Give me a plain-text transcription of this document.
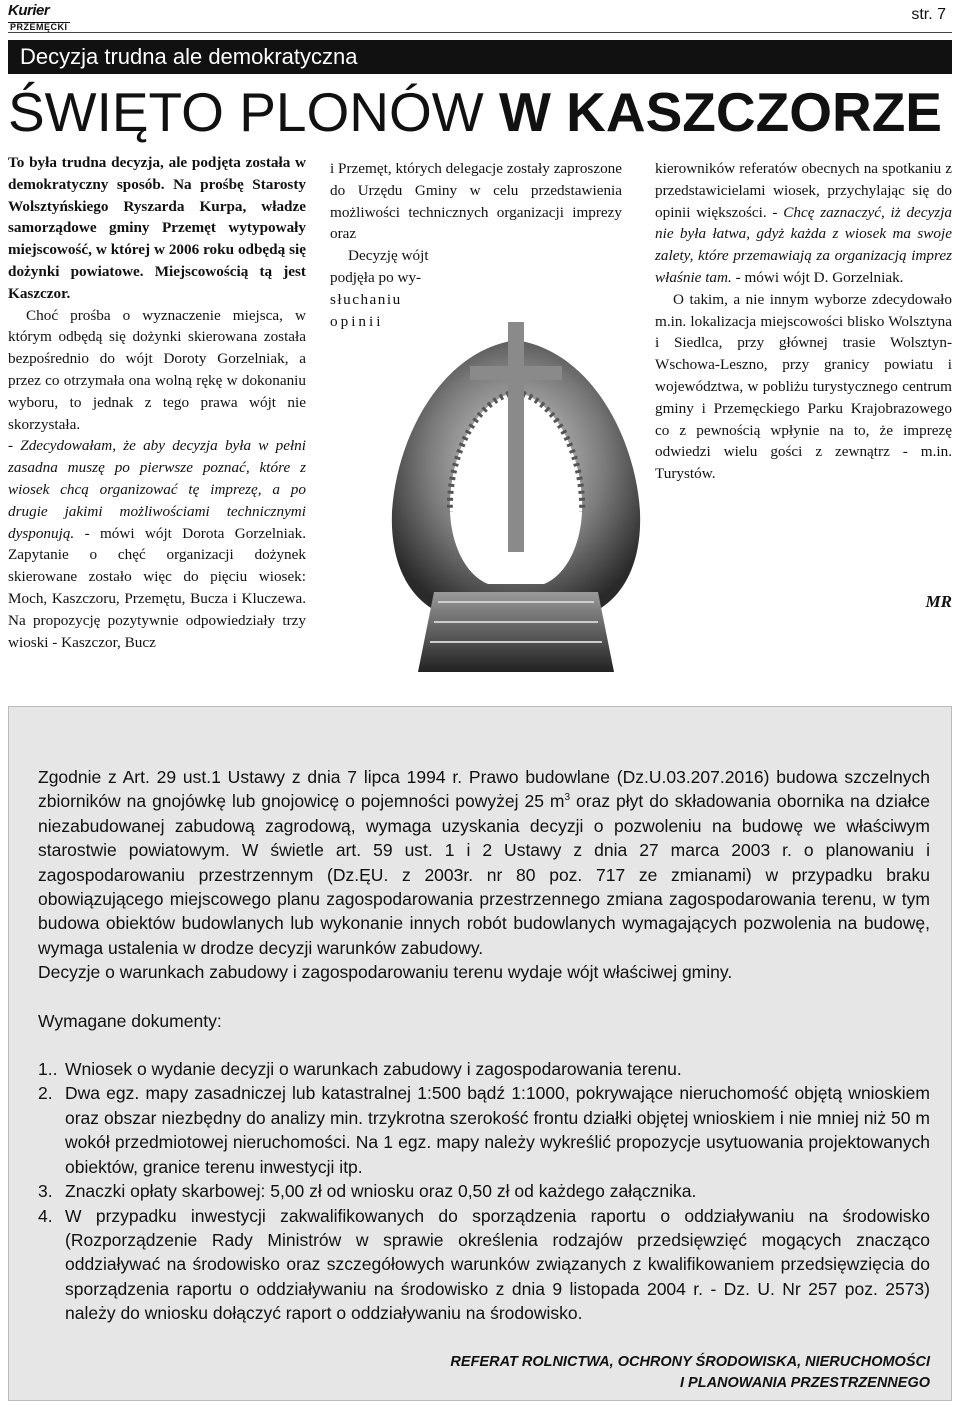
Kurier
PRZEMĘCKI
str. 7
Decyzja trudna ale demokratyczna
ŚWIĘTO PLONÓW W KASZCZORZE

To była trudna decyzja, ale podjęta została w demokratyczny sposób. Na prośbę Starosty Wolsztyńskiego Ryszarda Kurpa, władze samorządowe gminy Przemęt wytypowały miejscowość, w której w 2006 roku odbędą się dożynki powiatowe. Miejscowością tą jest Kaszczor.

Choć prośba o wyznaczenie miejsca, w którym odbędą się dożynki skierowana została bezpośrednio do wójt Doroty Gorzelniak, a przez co otrzymała ona wolną rękę w dokonaniu wyboru, to jednak z tego prawa wójt nie skorzystała.

- Zdecydowałam, że aby decyzja była w pełni zasadna muszę po pierwsze poznać, które z wiosek chcą organizować tę imprezę, a po drugie jakimi możliwościami technicznymi dysponują. - mówi wójt Dorota Gorzelniak. Zapytanie o chęć organizacji dożynek skierowane zostało więc do pięciu wiosek: Moch, Kaszczoru, Przemętu, Bucza i Kluczewa. Na propozycję pozytywnie odpowiedziały trzy wioski - Kaszczor, Bucz

i Przemęt, których delegacje zostały zaproszone do Urzędu Gminy w celu przedstawienia możliwości technicznych organizacji imprezy oraz

Decyzję wójt

podjęła po wy-

słuchaniu

opinii

kierowników referatów obecnych na spotkaniu z przedstawicielami wiosek, przychylając się do opinii większości. - Chcę zaznaczyć, iż decyzja nie była łatwa, gdyż każda z wiosek ma swoje zalety, które przemawiają za organizacją imprez właśnie tam. - mówi wójt D. Gorzelniak.

O takim, a nie innym wyborze zdecydowało m.in. lokalizacja miejscowości blisko Wolsztyna i Siedlca, przy głównej trasie Wolsztyn-Wschowa-Leszno, przy granicy powiatu i województwa, w pobliżu turystycznego centrum gminy i Przemęckiego Parku Krajobrazowego co z pewnością wpłynie na to, że imprezę odwiedzi wielu gości z zewnątrz - m.in. Turystów.

MR

Zgodnie z Art. 29 ust.1 Ustawy z dnia 7 lipca 1994 r. Prawo budowlane (Dz.U.03.207.2016) budowa szczelnych zbiorników na gnojówkę lub gnojowicę o pojemności powyżej 25 $m^3$ oraz płyt do składowania obornika na działce niezabudowanej zabudową zagrodową, wymaga uzyskania decyzji o pozwoleniu na budowę we właściwym starostwie powiatowym. W świetle art. 59 ust. 1 i 2 Ustawy z dnia 27 marca 2003 r. o planowaniu i zagospodarowaniu przestrzennym (Dz.ĘU. z 2003r. nr 80 poz. 717 ze zmianami) w przypadku braku obowiązującego miejscowego planu zagospodarowania przestrzennego zmiana zagospodarowania terenu, w tym budowa obiektów budowlanych lub wykonanie innych robót budowlanych wymagających pozwolenia na budowę, wymaga ustalenia w drodze decyzji warunków zabudowy.

Decyzje o warunkach zabudowy i zagospodarowaniu terenu wydaje wójt właściwej gminy.

Wymagane dokumenty:

1.. Wniosek o wydanie decyzji o warunkach zabudowy i zagospodarowania terenu.
2. Dwa egz. mapy zasadniczej lub katastralnej 1:500 bądź 1:1000, pokrywające nieruchomość objętą wnioskiem oraz obszar niezbędny do analizy min. trzykrotna szerokość frontu działki objętej wnioskiem i nie mniej niż 50 m wokół przedmiotowej nieruchomości. Na 1 egz. mapy należy wykreślić propozycje usytuowania projektowanych obiektów, granice terenu inwestycji itp.
3. Znaczki opłaty skarbowej: 5,00 zł od wniosku oraz 0,50 zł od każdego załącznika.
4. W przypadku inwestycji zakwalifikowanych do sporządzenia raportu o oddziaływaniu na środowisko (Rozporządzenie Rady Ministrów w sprawie określenia rodzajów przedsięwzięć mogących znacząco oddziaływać na środowisko oraz szczegółowych warunków związanych z kwalifikowaniem przedsięwzięcia do sporządzenia raportu o oddziaływaniu na środowisko z dnia 9 listopada 2004 r. - Dz. U. Nr 257 poz. 2573) należy do wniosku dołączyć raport o oddziaływaniu na środowisko.
REFERAT ROLNICTWA, OCHRONY ŚRODOWISKA, NIERUCHOMOŚCI
I PLANOWANIA PRZESTRZENNEGO
